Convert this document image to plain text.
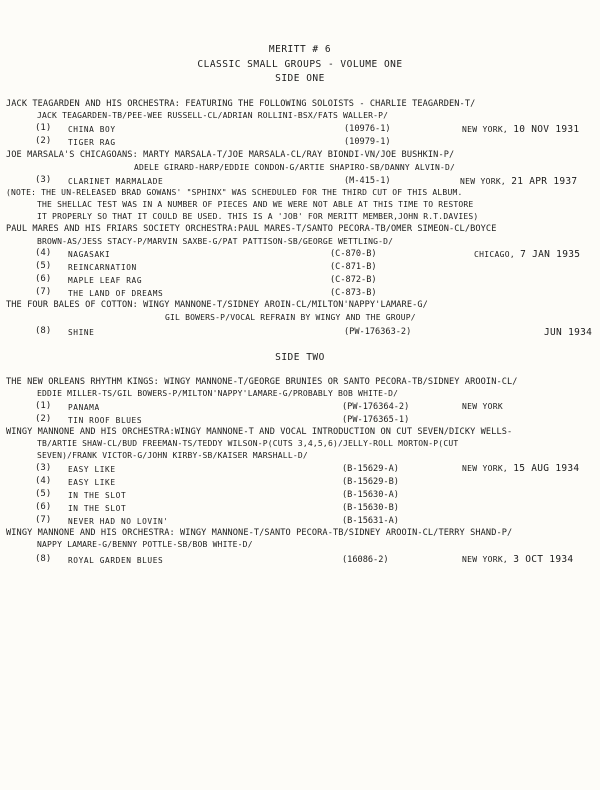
MERITT # 6
CLASSIC SMALL GROUPS - VOLUME ONE
SIDE ONE
JACK TEAGARDEN AND HIS ORCHESTRA: FEATURING THE FOLLOWING SOLOISTS - CHARLIE TEAGARDEN-T/
JACK TEAGARDEN-TB/PEE-WEE RUSSELL-CL/ADRIAN ROLLINI-BSX/FATS WALLER-P/
(1) CHINA BOY	(10976-1)	NEW YORK, 10 NOV 1931
(2) TIGER RAG	(10979-1)
JOE MARSALA'S CHICAGOANS: MARTY MARSALA-T/JOE MARSALA-CL/RAY BIONDI-VN/JOE BUSHKIN-P/
ADELE GIRARD-HARP/EDDIE CONDON-G/ARTIE SHAPIRO-SB/DANNY ALVIN-D/
(3) CLARINET MARMALADE	(M-415-1)	NEW YORK, 21 APR 1937
(NOTE: THE UN-RELEASED BRAD GOWANS' "SPHINX" WAS SCHEDULED FOR THE THIRD CUT OF THIS ALBUM.
THE SHELLAC TEST WAS IN A NUMBER OF PIECES AND WE WERE NOT ABLE AT THIS TIME TO RESTORE
IT PROPERLY SO THAT IT COULD BE USED. THIS IS A 'JOB' FOR MERITT MEMBER,JOHN R.T.DAVIES)
PAUL MARES AND HIS FRIARS SOCIETY ORCHESTRA:PAUL MARES-T/SANTO PECORA-TB/OMER SIMEON-CL/BOYCE
BROWN-AS/JESS STACY-P/MARVIN SAXBE-G/PAT PATTISON-SB/GEORGE WETTLING-D/
(4) NAGASAKI	(C-870-B)	CHICAGO, 7 JAN 1935
(5) REINCARNATION	(C-871-B)
(6) MAPLE LEAF RAG	(C-872-B)
(7) THE LAND OF DREAMS	(C-873-B)
THE FOUR BALES OF COTTON: WINGY MANNONE-T/SIDNEY AROIN-CL/MILTON'NAPPY'LAMARE-G/
GIL BOWERS-P/VOCAL REFRAIN BY WINGY AND THE GROUP/
(8) SHINE	(PW-176363-2)	JUN 1934
SIDE TWO
THE NEW ORLEANS RHYTHM KINGS: WINGY MANNONE-T/GEORGE BRUNIES OR SANTO PECORA-TB/SIDNEY AROOIN-CL/
EDDIE MILLER-TS/GIL BOWERS-P/MILTON'NAPPY'LAMARE-G/PROBABLY BOB WHITE-D/
(1) PANAMA	(PW-176364-2)	NEW YORK
(2) TIN ROOF BLUES	(PW-176365-1)
WINGY MANNONE AND HIS ORCHESTRA:WINGY MANNONE-T AND VOCAL INTRODUCTION ON CUT SEVEN/DICKY WELLS-
TB/ARTIE SHAW-CL/BUD FREEMAN-TS/TEDDY WILSON-P(CUTS 3,4,5,6)/JELLY-ROLL MORTON-P(CUT
SEVEN)/FRANK VICTOR-G/JOHN KIRBY-SB/KAISER MARSHALL-D/
(3) EASY LIKE	(B-15629-A)	NEW YORK, 15 AUG 1934
(4) EASY LIKE	(B-15629-B)
(5) IN THE SLOT	(B-15630-A)
(6) IN THE SLOT	(B-15630-B)
(7) NEVER HAD NO LOVIN'	(B-15631-A)
WINGY MANNONE AND HIS ORCHESTRA: WINGY MANNONE-T/SANTO PECORA-TB/SIDNEY AROOIN-CL/TERRY SHAND-P/
NAPPY LAMARE-G/BENNY POTTLE-SB/BOB WHITE-D/
(8) ROYAL GARDEN BLUES	(16086-2)	NEW YORK, 3 OCT 1934
